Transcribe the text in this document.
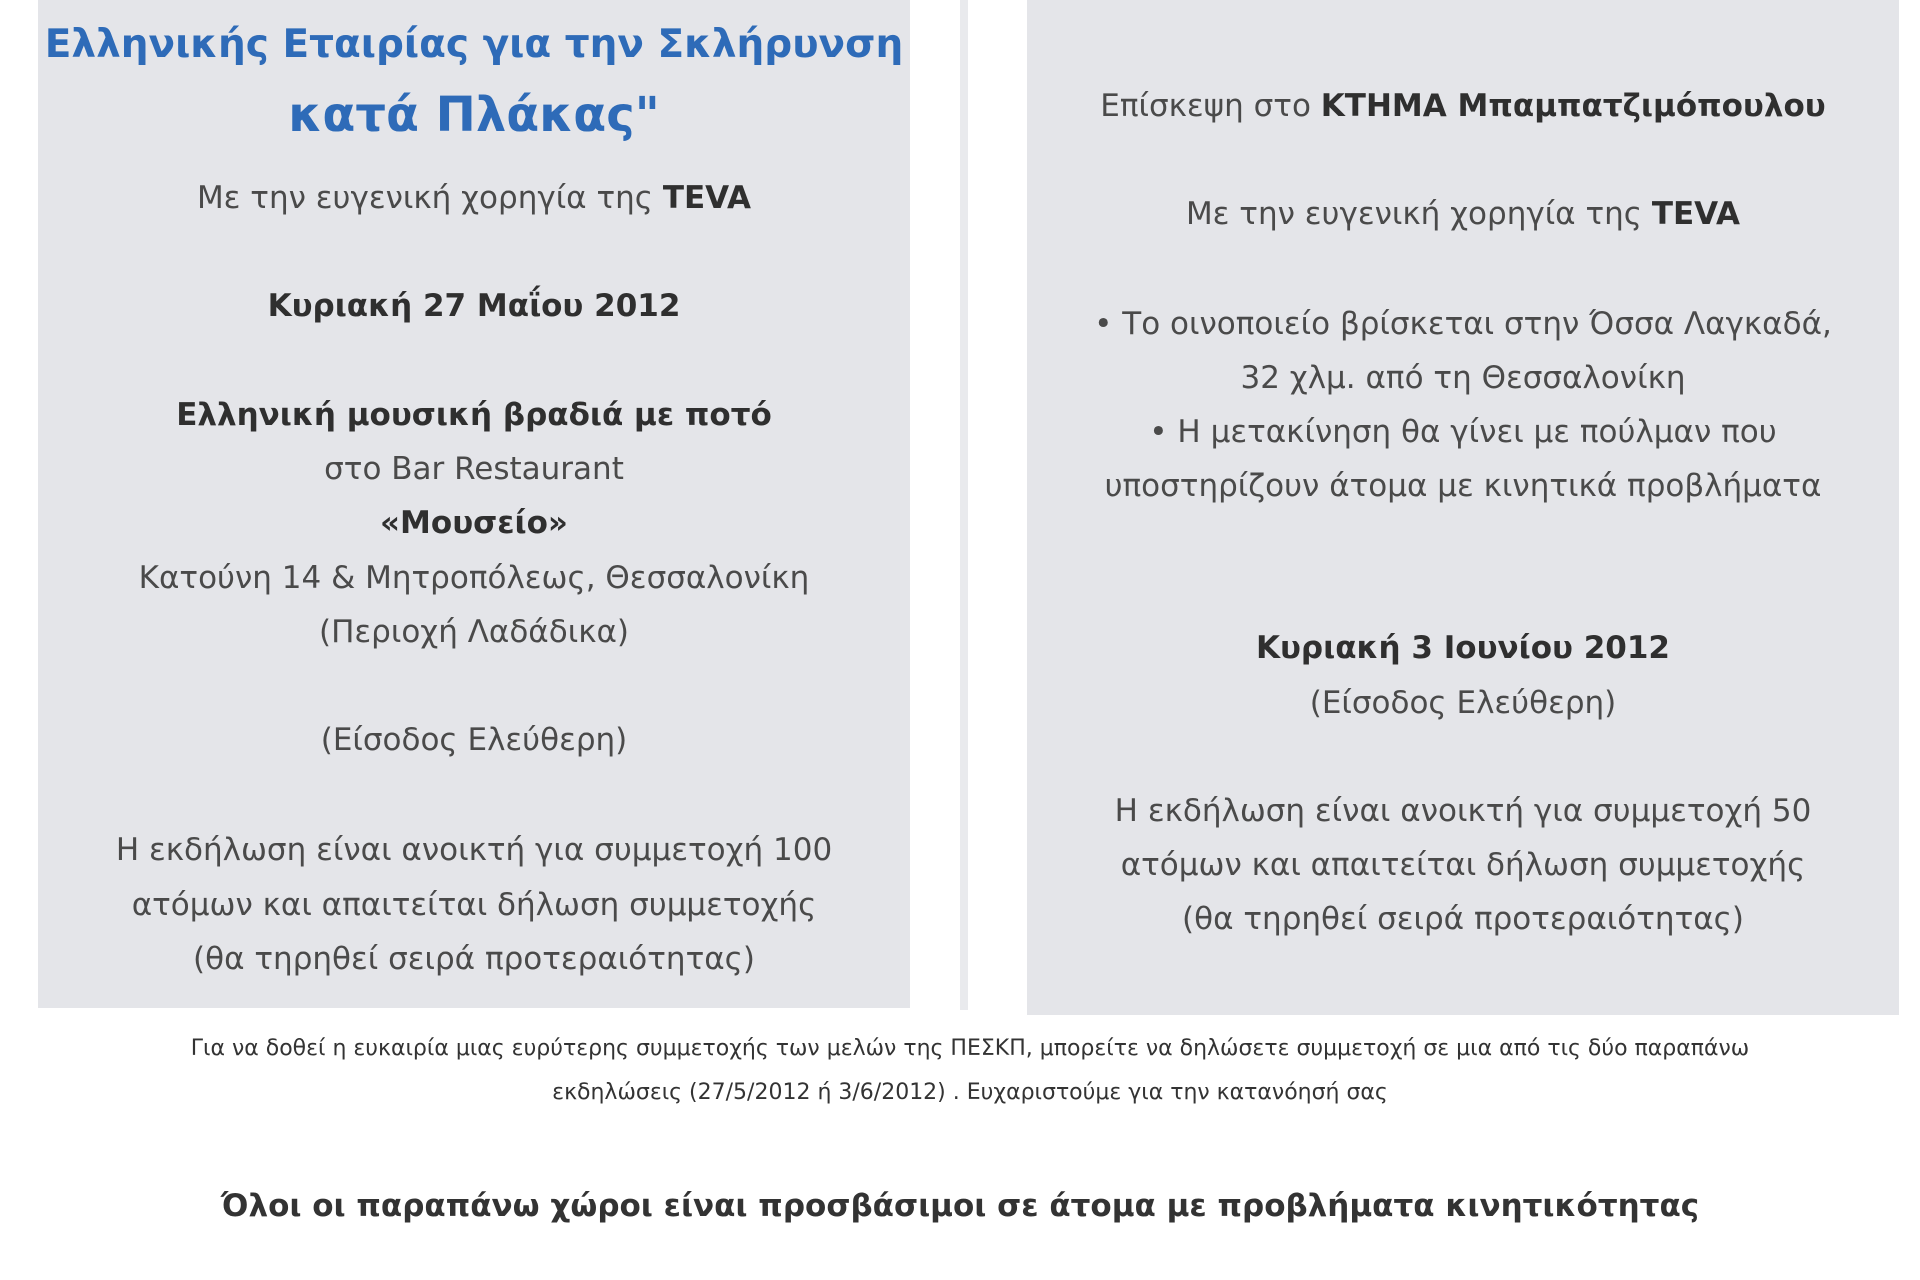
Ελληνικής Εταιρίας για την Σκλήρυνση
κατά Πλάκας"
Με την ευγενική χορηγία της TEVA
Κυριακή 27 Μαΐου 2012
Ελληνική μουσική βραδιά με ποτό
στο Bar Restaurant
«Μουσείο»
Κατούνη 14 & Μητροπόλεως, Θεσσαλονίκη
(Περιοχή Λαδάδικα)
(Είσοδος Ελεύθερη)
Η εκδήλωση είναι ανοικτή για συμμετοχή 100
ατόμων και απαιτείται δήλωση συμμετοχής
(θα τηρηθεί σειρά προτεραιότητας)
Επίσκεψη στο ΚΤΗΜΑ Μπαμπατζιμόπουλου
Με την ευγενική χορηγία της TEVA
• Το οινοποιείο βρίσκεται στην Όσσα Λαγκαδά,
32 χλμ. από τη Θεσσαλονίκη
• Η μετακίνηση θα γίνει με πούλμαν που
υποστηρίζουν άτομα με κινητικά προβλήματα
Κυριακή 3 Ιουνίου 2012
(Είσοδος Ελεύθερη)
Η εκδήλωση είναι ανοικτή για συμμετοχή 50
ατόμων και απαιτείται δήλωση συμμετοχής
(θα τηρηθεί σειρά προτεραιότητας)
Για να δοθεί η ευκαιρία μιας ευρύτερης συμμετοχής των μελών της ΠΕΣΚΠ, μπορείτε να δηλώσετε συμμετοχή σε μια από τις δύο παραπάνω
εκδηλώσεις (27/5/2012 ή 3/6/2012) . Ευχαριστούμε για την κατανόησή σας
Όλοι οι παραπάνω χώροι είναι προσβάσιμοι σε άτομα με προβλήματα κινητικότητας
